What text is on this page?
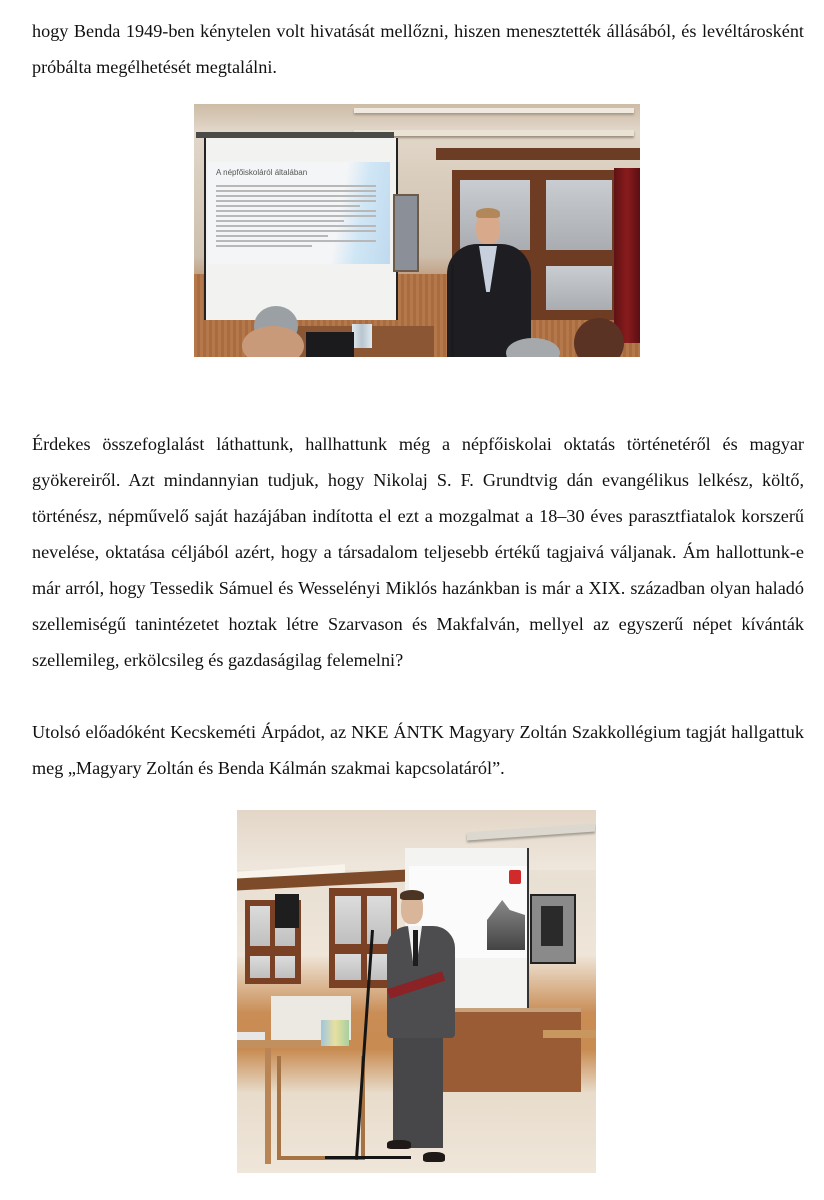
hogy Benda 1949-ben kénytelen volt hivatását mellőzni, hiszen menesztették állásából, és levéltárosként próbálta megélhetését megtalálni.

A népfőiskoláról általában

Érdekes összefoglalást láthattunk, hallhattunk még a népfőiskolai oktatás történetéről és magyar gyökereiről. Azt mindannyian tudjuk, hogy Nikolaj S. F. Grundtvig dán evangélikus lelkész, költő, történész, népművelő saját hazájában indította el ezt a mozgalmat a 18–30 éves parasztfiatalok korszerű nevelése, oktatása céljából azért, hogy a társadalom teljesebb értékű tagjaivá váljanak. Ám hallottunk-e már arról, hogy Tessedik Sámuel és Wesselényi Miklós hazánkban is már a XIX. században olyan haladó szellemiségű tanintézetet hoztak létre Szarvason és Makfalván, mellyel az egyszerű népet kívánták szellemileg, erkölcsileg és gazdaságilag felemelni?

Utolsó előadóként Kecskeméti Árpádot, az NKE ÁNTK Magyary Zoltán Szakkollégium tagját hallgattuk meg „Magyary Zoltán és Benda Kálmán szakmai kapcsolatáról”.
